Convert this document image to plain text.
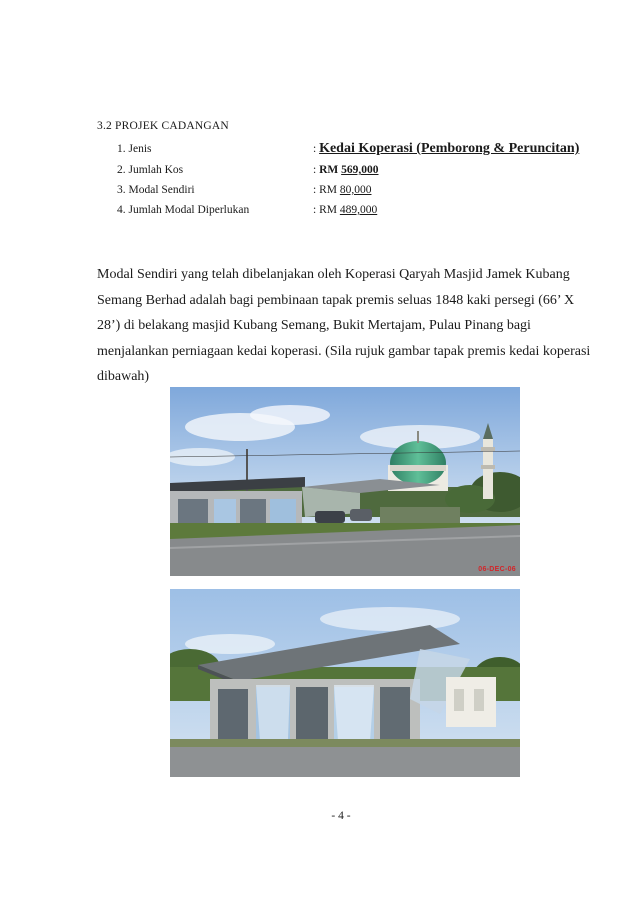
3.2 PROJEK CADANGAN
1. Jenis	: Kedai Koperasi (Pemborong & Peruncitan)
2. Jumlah Kos	: RM 569,000
3. Modal Sendiri	: RM 80,000
4. Jumlah Modal Diperlukan	: RM 489,000
Modal Sendiri yang telah dibelanjakan oleh Koperasi Qaryah Masjid Jamek Kubang
Semang Berhad adalah bagi pembinaan tapak premis seluas 1848 kaki persegi (66’ X
28’) di belakang masjid Kubang Semang, Bukit Mertajam, Pulau Pinang bagi
menjalankan perniagaan kedai koperasi. (Sila rujuk gambar tapak premis kedai koperasi
dibawah)
06-DEC-06
- 4 -
